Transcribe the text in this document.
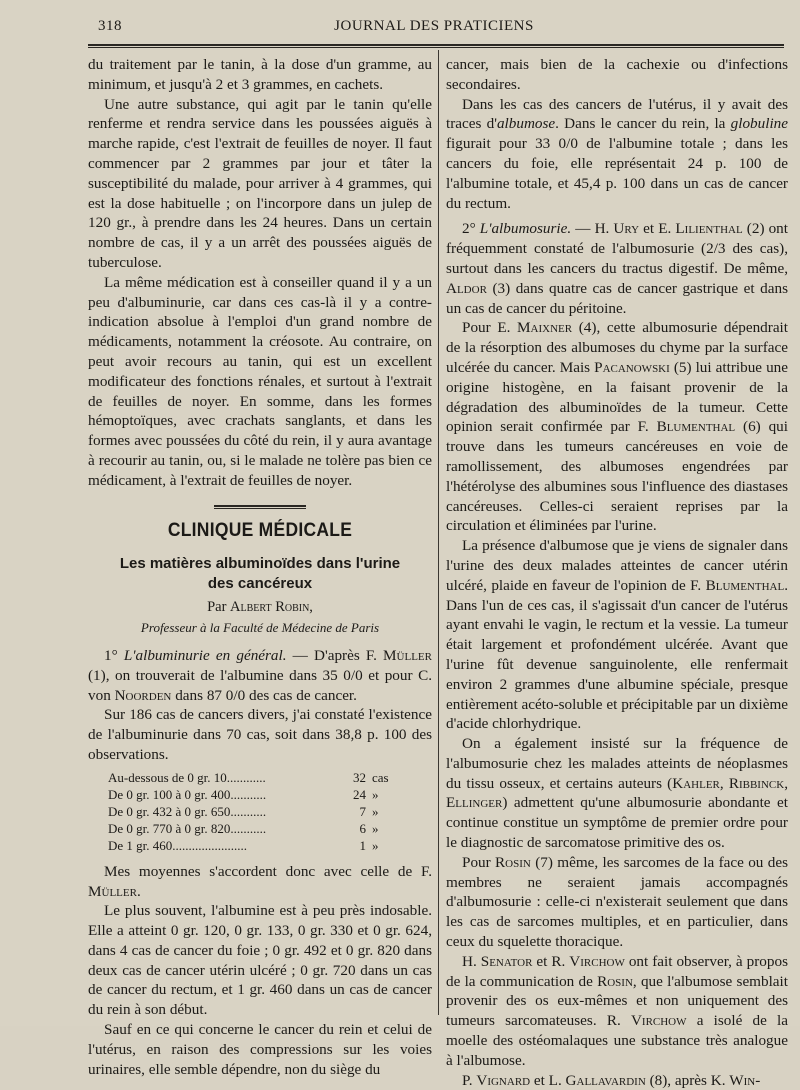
318	JOURNAL DES PRATICIENS

du traitement par le tanin, à la dose d'un gramme, au minimum, et jusqu'à 2 et 3 grammes, en cachets.

Une autre substance, qui agit par le tanin qu'elle renferme et rendra service dans les poussées aiguës à marche rapide, c'est l'extrait de feuilles de noyer. Il faut commencer par 2 grammes par jour et tâter la susceptibilité du malade, pour arriver à 4 grammes, qui est la dose habituelle ; on l'incorpore dans un julep de 120 gr., à prendre dans les 24 heures. Dans un certain nombre de cas, il y a un arrêt des poussées aiguës de tuberculose.

La même médication est à conseiller quand il y a un peu d'albuminurie, car dans ces cas-là il y a contre-indication absolue à l'emploi d'un grand nombre de médicaments, notamment la créosote. Au contraire, on peut avoir recours au tanin, qui est un excellent modificateur des fonctions rénales, et surtout à l'extrait de feuilles de noyer. En somme, dans les formes hémoptoïques, avec crachats sanglants, et dans les formes avec poussées du côté du rein, il y aura avantage à recourir au tanin, ou, si le malade ne tolère pas bien ce médicament, à l'extrait de feuilles de noyer.

CLINIQUE MÉDICALE
Les matières albuminoïdes dans l'urine
des cancéreux

Par Albert Robin,

Professeur à la Faculté de Médecine de Paris

1° L'albuminurie en général. — D'après F. Müller (1), on trouverait de l'albumine dans 35 0/0 et pour C. von Noorden dans 87 0/0 des cas de cancer.

Sur 186 cas de cancers divers, j'ai constaté l'existence de l'albuminurie dans 70 cas, soit dans 38,8 p. 100 des observations.

Au-dessous de 0 gr. 10............	32	cas
De 0 gr. 100 à 0 gr. 400...........	24	»
De 0 gr. 432 à 0 gr. 650...........	7	»
De 0 gr. 770 à 0 gr. 820...........	6	»
De 1 gr. 460.......................	1	»

Mes moyennes s'accordent donc avec celle de F. Müller.

Le plus souvent, l'albumine est à peu près indosable. Elle a atteint 0 gr. 120, 0 gr. 133, 0 gr. 330 et 0 gr. 624, dans 4 cas de cancer du foie ; 0 gr. 492 et 0 gr. 820 dans deux cas de cancer utérin ulcéré ; 0 gr. 720 dans un cas de cancer du rectum, et 1 gr. 460 dans un cas de cancer du rein à son début.

Sauf en ce qui concerne le cancer du rein et celui de l'utérus, en raison des compressions sur les voies urinaires, elle semble dépendre, non du siège du

cancer, mais bien de la cachexie ou d'infections secondaires.

Dans les cas des cancers de l'utérus, il y avait des traces d'albumose. Dans le cancer du rein, la globuline figurait pour 33 0/0 de l'albumine totale ; dans les cancers du foie, elle représentait 24 p. 100 de l'albumine totale, et 45,4 p. 100 dans un cas de cancer du rectum.

2° L'albumosurie. — H. Ury et E. Lilienthal (2) ont fréquemment constaté de l'albumosurie (2/3 des cas), surtout dans les cancers du tractus digestif. De même, Aldor (3) dans quatre cas de cancer gastrique et dans un cas de cancer du péritoine.

Pour E. Maixner (4), cette albumosurie dépendrait de la résorption des albumoses du chyme par la surface ulcérée du cancer. Mais Pacanowski (5) lui attribue une origine histogène, en la faisant provenir de la dégradation des albuminoïdes de la tumeur. Cette opinion serait confirmée par F. Blumenthal (6) qui trouve dans les tumeurs cancéreuses en voie de ramollissement, des albumoses engendrées par l'hétérolyse des albumines sous l'influence des diastases cancéreuses. Celles-ci seraient reprises par la circulation et éliminées par l'urine.

La présence d'albumose que je viens de signaler dans l'urine des deux malades atteintes de cancer utérin ulcéré, plaide en faveur de l'opinion de F. Blumenthal. Dans l'un de ces cas, il s'agissait d'un cancer de l'utérus ayant envahi le vagin, le rectum et la vessie. La tumeur était largement et profondément ulcérée. Avant que l'urine fût devenue sanguinolente, elle renfermait environ 2 grammes d'une albumine spéciale, presque entièrement acéto-soluble et précipitable par un dixième d'acide chlorhydrique.

On a également insisté sur la fréquence de l'albumosurie chez les malades atteints de néoplasmes du tissu osseux, et certains auteurs (Kahler, Ribbinck, Ellinger) admettent qu'une albumosurie abondante et continue constitue un symptôme de premier ordre pour le diagnostic de sarcomatose primitive des os.

Pour Rosin (7) même, les sarcomes de la face ou des membres ne seraient jamais accompagnés d'albumosurie : celle-ci n'existerait seulement que dans les cas de sarcomes multiples, et en particulier, dans ceux du squelette thoracique.

H. Senator et R. Virchow ont fait observer, à propos de la communication de Rosin, que l'albumose semblait provenir des os eux-mêmes et non uniquement des tumeurs sarcomateuses. R. Virchow a isolé de la moelle des ostéomalaques une substance très analogue à l'albumose.

P. Vignard et L. Gallavardin (8), après K. Win-
